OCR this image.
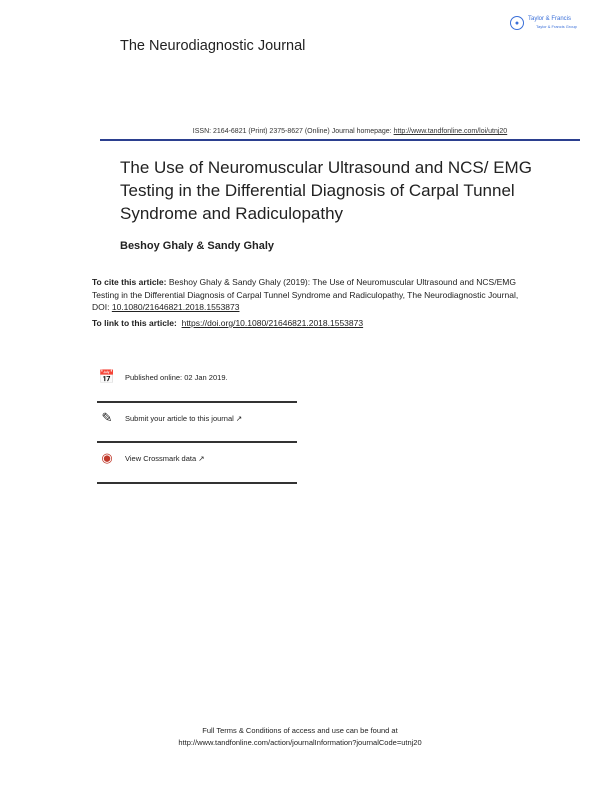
The Neurodiagnostic Journal
●
Taylor & Francis
Taylor & Francis Group
ISSN: 2164-6821 (Print) 2375-8627 (Online) Journal homepage: http://www.tandfonline.com/loi/utnj20
The Use of Neuromuscular Ultrasound and NCS/ EMG Testing in the Differential Diagnosis of Carpal Tunnel Syndrome and Radiculopathy
Beshoy Ghaly & Sandy Ghaly
To cite this article: Beshoy Ghaly & Sandy Ghaly (2019): The Use of Neuromuscular Ultrasound and NCS/EMG Testing in the Differential Diagnosis of Carpal Tunnel Syndrome and Radiculopathy, The Neurodiagnostic Journal, DOI: 10.1080/21646821.2018.1553873
To link to this article: https://doi.org/10.1080/21646821.2018.1553873
📅 Published online: 02 Jan 2019.
✎	Submit your article to this journal
↗
◉	View Crossmark data
↗
Full Terms & Conditions of access and use can be found at
http://www.tandfonline.com/action/journalInformation?journalCode=utnj20
